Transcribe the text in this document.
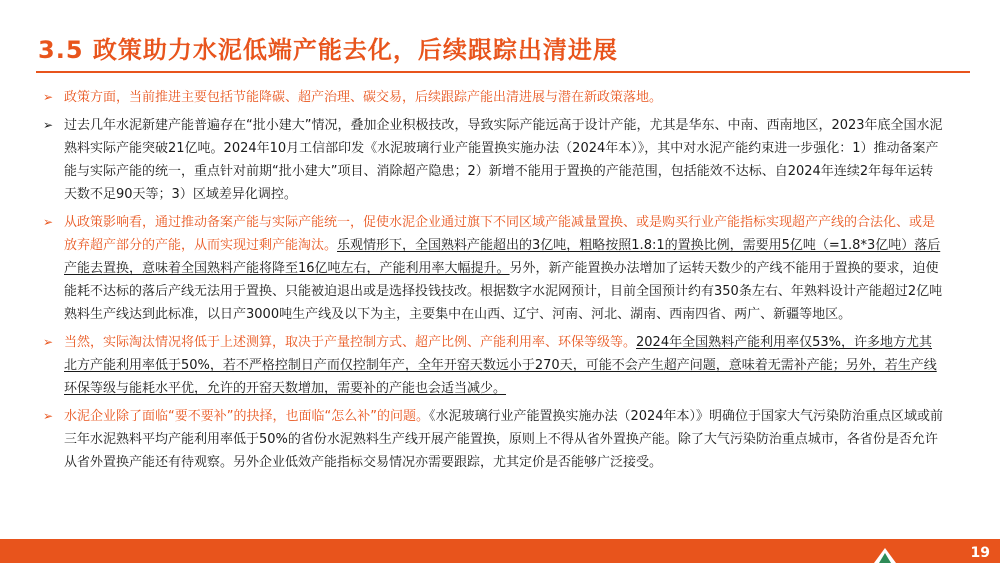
3.5 政策助力水泥低端产能去化，后续跟踪出清进展
➢ 政策方面，当前推进主要包括节能降碳、超产治理、碳交易，后续跟踪产能出清进展与潜在新政策落地。
➢ 过去几年水泥新建产能普遍存在“批小建大”情况，叠加企业积极技改，导致实际产能远高于设计产能，尤其是华东、中南、西南地区，2023年底全国水泥熟料实际产能突破21亿吨。2024年10月工信部印发《水泥玻璃行业产能置换实施办法（2024年本）》，其中对水泥产能约束进一步强化：1）推动备案产能与实际产能的统一，重点针对前期“批小建大”项目、消除超产隐患；2）新增不能用于置换的产能范围，包括能效不达标、自2024年连续2年每年运转天数不足90天等；3）区域差异化调控。
➢ 从政策影响看，通过推动备案产能与实际产能统一，促使水泥企业通过旗下不同区域产能减量置换、或是购买行业产能指标实现超产产线的合法化、或是放弃超产部分的产能，从而实现过剩产能淘汰。乐观情形下，全国熟料产能超出的3亿吨，粗略按照1.8:1的置换比例，需要用5亿吨（=1.8*3亿吨）落后产能去置换，意味着全国熟料产能将降至16亿吨左右，产能利用率大幅提升。另外，新产能置换办法增加了运转天数少的产线不能用于置换的要求，迫使能耗不达标的落后产线无法用于置换、只能被迫退出或是选择投钱技改。根据数字水泥网预计，目前全国预计约有350条左右、年熟料设计产能超过2亿吨熟料生产线达到此标准，以日产3000吨生产线及以下为主，主要集中在山西、辽宁、河南、河北、湖南、西南四省、两广、新疆等地区。
➢ 当然，实际淘汰情况将低于上述测算，取决于产量控制方式、超产比例、产能利用率、环保等级等。2024年全国熟料产能利用率仅53%，许多地方尤其北方产能利用率低于50%，若不严格控制日产而仅控制年产，全年开窑天数远小于270天，可能不会产生超产问题，意味着无需补产能；另外，若生产线环保等级与能耗水平优，允许的开窑天数增加，需要补的产能也会适当减少。
➢ 水泥企业除了面临“要不要补”的抉择，也面临“怎么补”的问题。《水泥玻璃行业产能置换实施办法（2024年本）》明确位于国家大气污染防治重点区域或前三年水泥熟料平均产能利用率低于50%的省份水泥熟料生产线开展产能置换，原则上不得从省外置换产能。除了大气污染防治重点城市，各省份是否允许从省外置换产能还有待观察。另外企业低效产能指标交易情况亦需要跟踪，尤其定价是否能够广泛接受。
19
